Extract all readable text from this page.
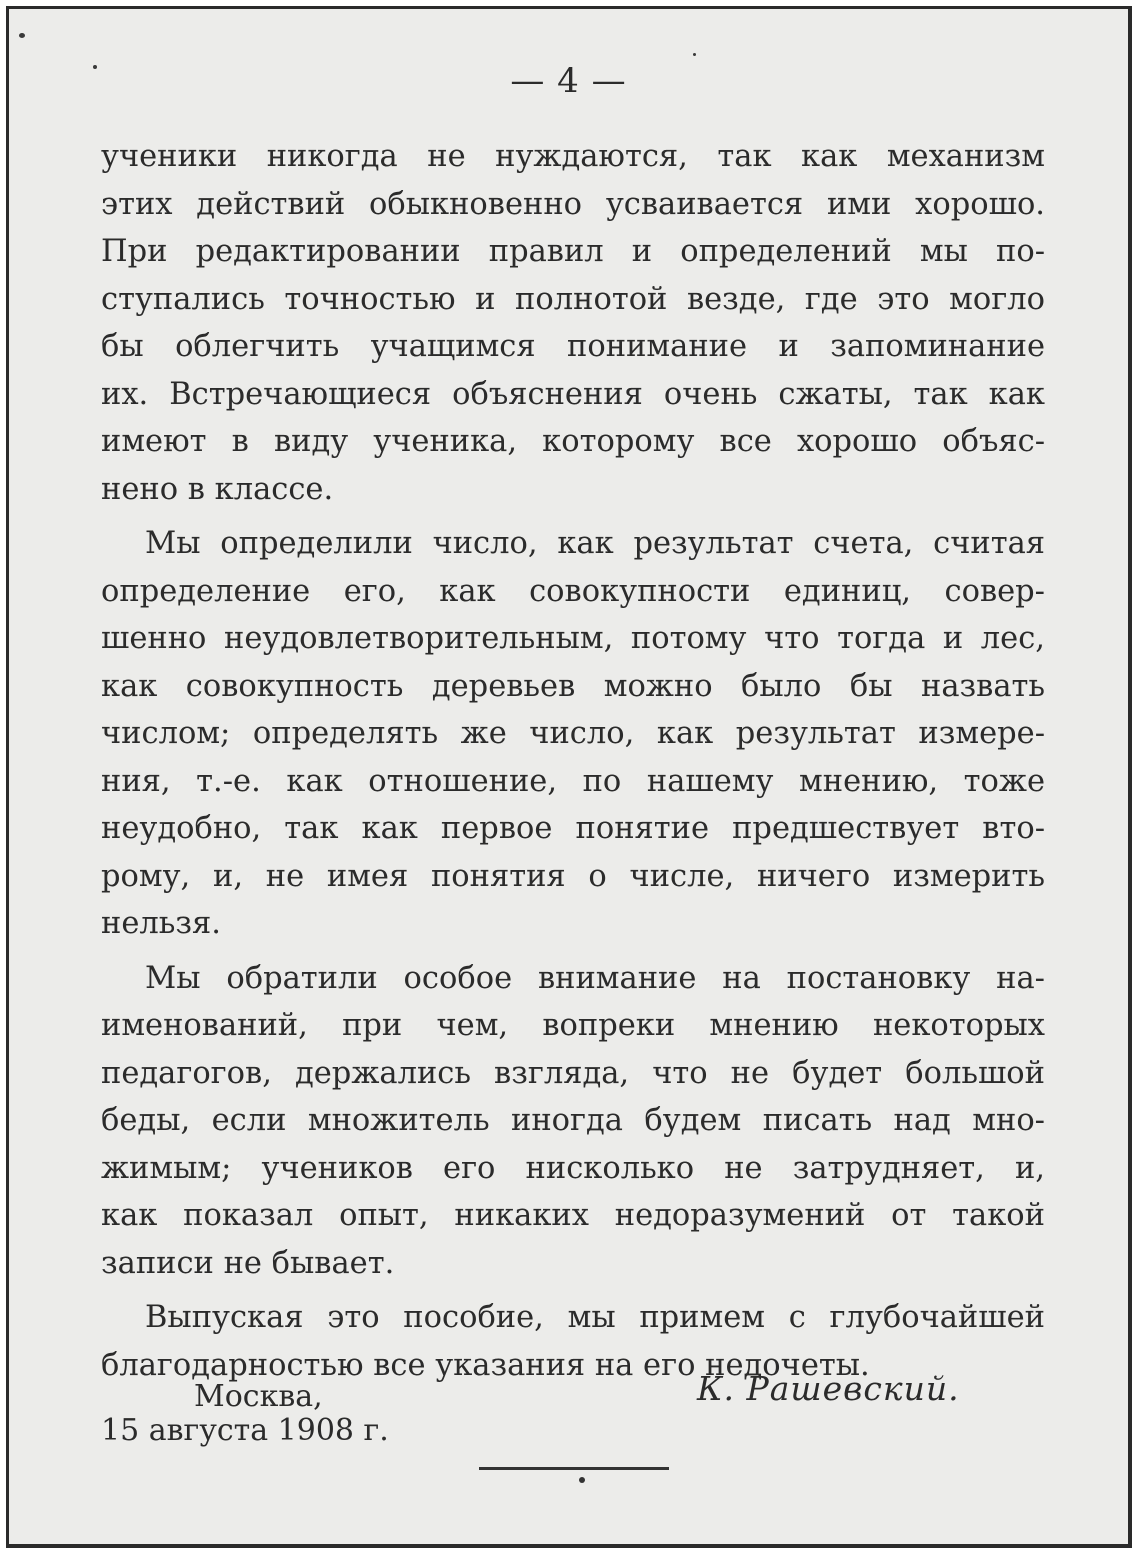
— 4 —
ученики никогда не нуждаются, так как механизм
этих действий обыкновенно усваивается ими хорошо.
При редактировании правил и определений мы по-
ступались точностью и полнотой везде, где это могло
бы облегчить учащимся понимание и запоминание
их. Встречающиеся объяснения очень сжаты, так как
имеют в виду ученика, которому все хорошо объяс-
нено в классе.
Мы определили число, как результат счета, считая
определение его, как совокупности единиц, совер-
шенно неудовлетворительным, потому что тогда и лес,
как совокупность деревьев можно было бы назвать
числом; определять же число, как результат измере-
ния, т.-е. как отношение, по нашему мнению, тоже
неудобно, так как первое понятие предшествует вто-
рому, и, не имея понятия о числе, ничего измерить
нельзя.
Мы обратили особое внимание на постановку на-
именований, при чем, вопреки мнению некоторых
педагогов, держались взгляда, что не будет большой
беды, если множитель иногда будем писать над мно-
жимым; учеников его нисколько не затрудняет, и,
как показал опыт, никаких недоразумений от такой
записи не бывает.
Выпуская это пособие, мы примем с глубочайшей
благодарностью все указания на его недочеты.
Москва,
15 августа 1908 г.
К. Рашевский.
